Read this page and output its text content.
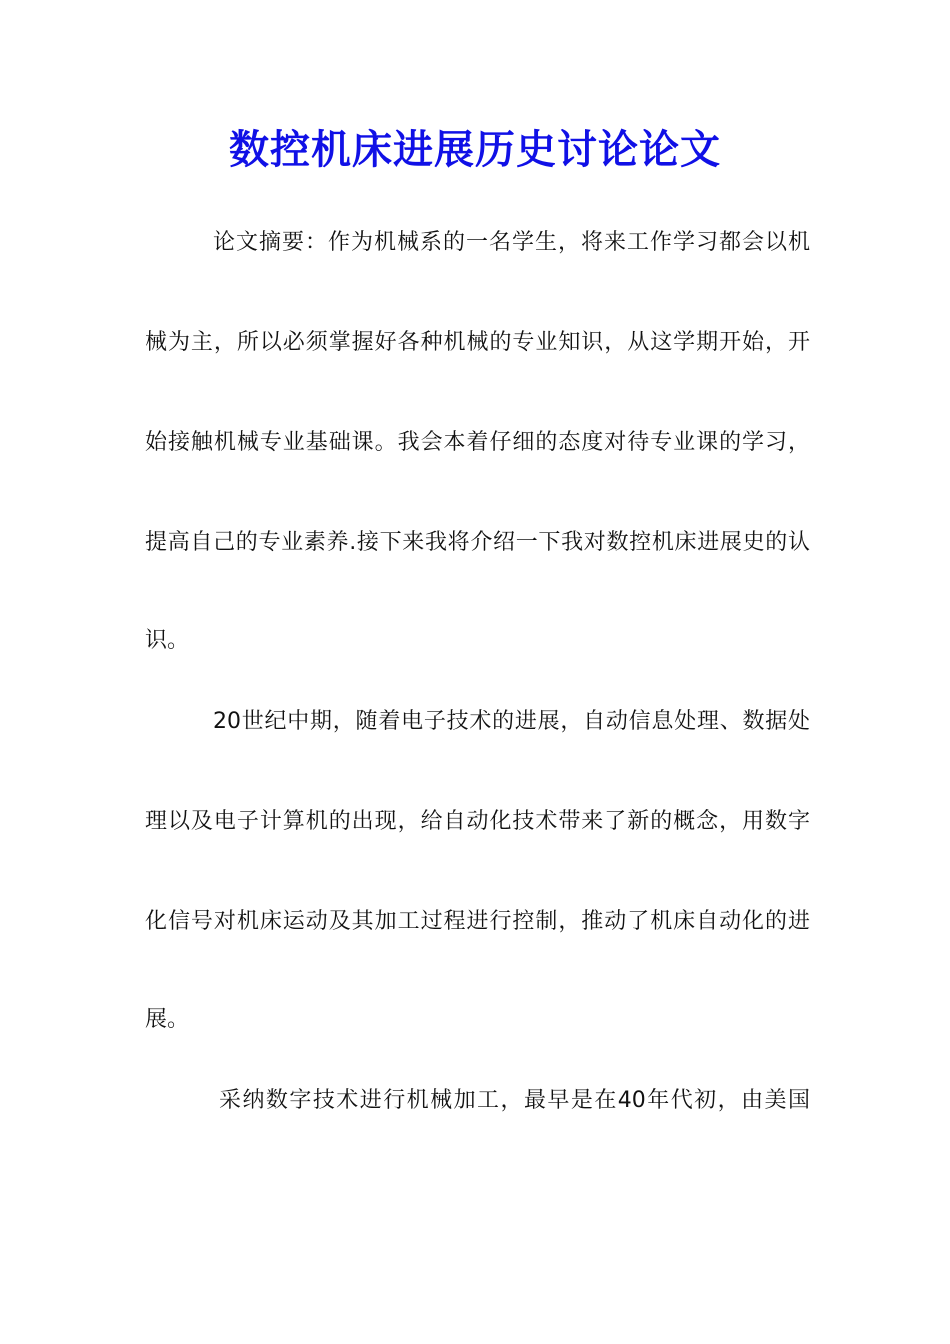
数控机床进展历史讨论论文
论文摘要：作为机械系的一名学生，将来工作学习都会以机
械为主，所以必须掌握好各种机械的专业知识，从这学期开始，开
始接触机械专业基础课。我会本着仔细的态度对待专业课的学习，
提高自己的专业素养.接下来我将介绍一下我对数控机床进展史的认
识。
20世纪中期，随着电子技术的进展，自动信息处理、数据处
理以及电子计算机的出现，给自动化技术带来了新的概念，用数字
化信号对机床运动及其加工过程进行控制，推动了机床自动化的进
展。
采纳数字技术进行机械加工，最早是在40年代初，由美国
